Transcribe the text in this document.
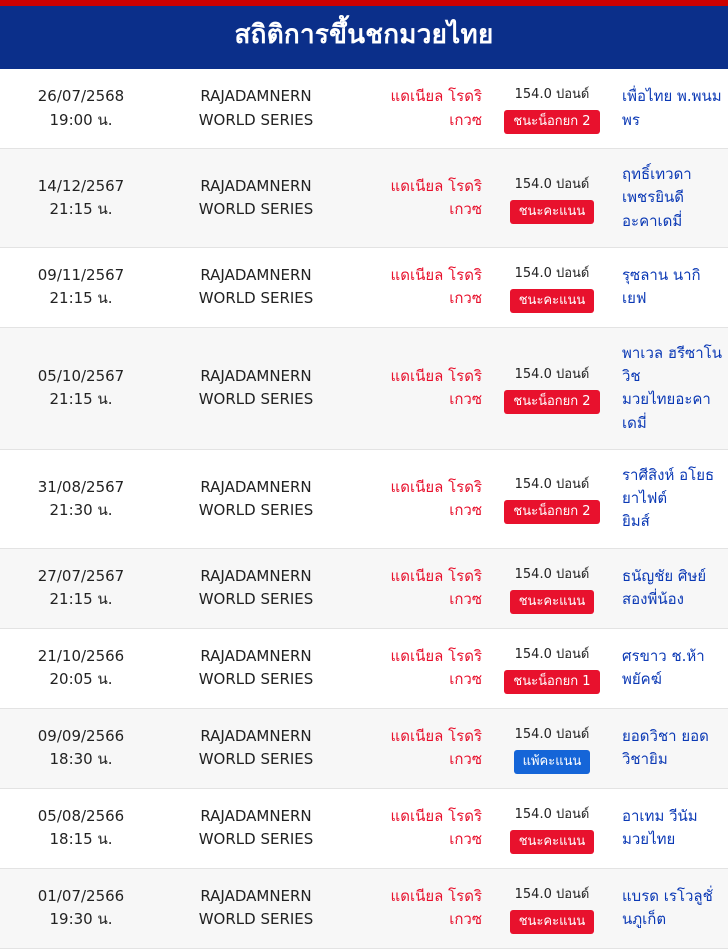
สถิติการขึ้นชกมวยไทย
26/07/2568
19:00 น.

RAJADAMNERN
WORLD SERIES

แดเนียล โรดริ
เกวซ

154.0 ปอนด์
ชนะน็อกยก 2	
เพื่อไทย พ.พนมพร

14/12/2567
21:15 น.

RAJADAMNERN
WORLD SERIES

แดเนียล โรดริ
เกวซ

154.0 ปอนด์
ชนะคะแนน	
ฤทธิ์เทวดา เพชรยินดี
อะคาเดมี่

09/11/2567
21:15 น.

RAJADAMNERN
WORLD SERIES

แดเนียล โรดริ
เกวซ

154.0 ปอนด์
ชนะคะแนน	
รุซลาน นากิเยฟ

05/10/2567
21:15 น.

RAJADAMNERN
WORLD SERIES

แดเนียล โรดริ
เกวซ

154.0 ปอนด์
ชนะน็อกยก 2	
พาเวล ฮรีซาโนวิช
มวยไทยอะคาเดมี่

31/08/2567
21:30 น.

RAJADAMNERN
WORLD SERIES

แดเนียล โรดริ
เกวซ

154.0 ปอนด์
ชนะน็อกยก 2	
ราศีสิงห์ อโยธยาไฟต์
ยิมส์

27/07/2567
21:15 น.

RAJADAMNERN
WORLD SERIES

แดเนียล โรดริ
เกวซ

154.0 ปอนด์
ชนะคะแนน	
ธนัญชัย ศิษย์
สองพี่น้อง

21/10/2566
20:05 น.

RAJADAMNERN
WORLD SERIES

แดเนียล โรดริ
เกวซ

154.0 ปอนด์
ชนะน็อกยก 1	
ศรขาว ช.ห้าพยัคฆ์

09/09/2566
18:30 น.

RAJADAMNERN
WORLD SERIES

แดเนียล โรดริ
เกวซ

154.0 ปอนด์
แพ้คะแนน	
ยอดวิชา ยอดวิชายิม

05/08/2566
18:15 น.

RAJADAMNERN
WORLD SERIES

แดเนียล โรดริ
เกวซ

154.0 ปอนด์
ชนะคะแนน	
อาเทม วีนัมมวยไทย

01/07/2566
19:30 น.

RAJADAMNERN
WORLD SERIES

แดเนียล โรดริ
เกวซ

154.0 ปอนด์
ชนะคะแนน	
แบรด เรโวลูชั่นภูเก็ต
